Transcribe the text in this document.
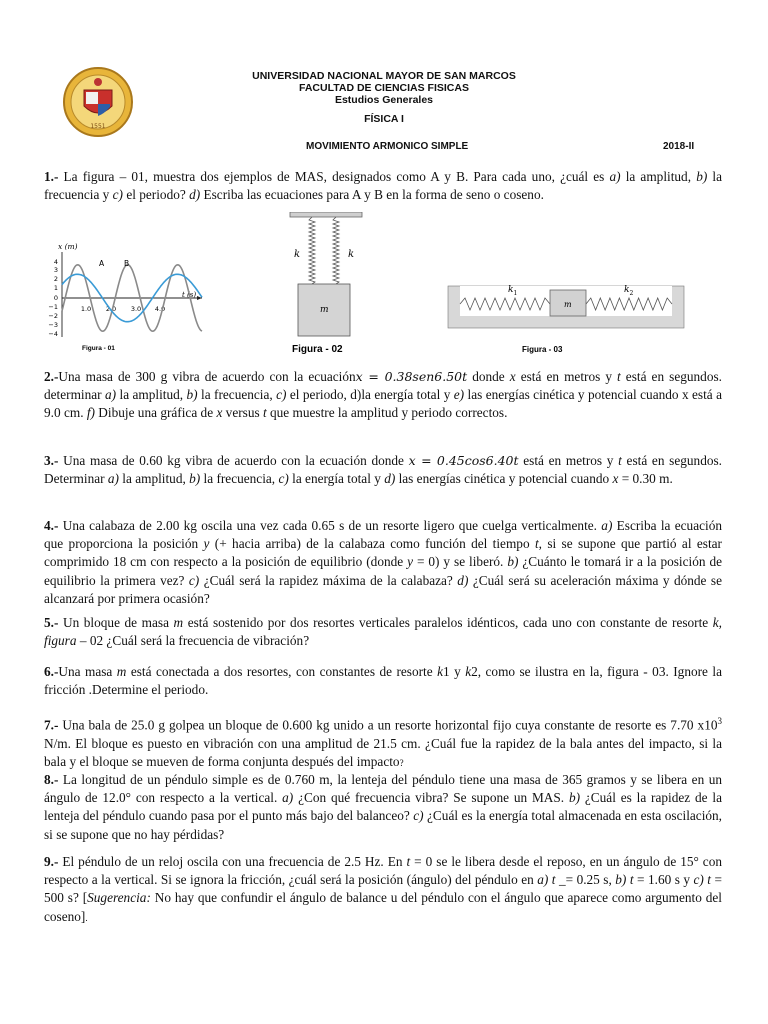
1551
UNIVERSIDAD NACIONAL MAYOR DE SAN MARCOS
FACULTAD DE CIENCIAS FISICAS
Estudios Generales
FÍSICA I
MOVIMIENTO ARMONICO SIMPLE	2018-II
1.- La figura – 01, muestra dos ejemplos de MAS, designados como A y B. Para cada uno, ¿cuál es a) la amplitud, b) la frecuencia y c) el periodo? d) Escriba las ecuaciones para A y B en la forma de seno o coseno.
x (m)
t (s)
4
3
2
1
0
−1
−2
−3
−4
1.0 2.0 3.0 4.0
A	B
Figura - 01
m
k	k
Figura - 02
m
$k_1$	$k_2$
Figura - 03
2.-Una masa de 300 g vibra de acuerdo con la ecuaciónx = 0.38sen6.50t donde x está en metros y t está en segundos. determinar a) la amplitud, b) la frecuencia, c) el periodo, d)la energía total y e) las energías cinética y potencial cuando x está a 9.0 cm. f) Dibuje una gráfica de x versus t que muestre la amplitud y periodo correctos.
3.- Una masa de 0.60 kg vibra de acuerdo con la ecuación donde x = 0.45cos6.40t está en metros y t está en segundos. Determinar a) la amplitud, b) la frecuencia, c) la energía total y d) las energías cinética y potencial cuando x = 0.30 m.
4.- Una calabaza de 2.00 kg oscila una vez cada 0.65 s de un resorte ligero que cuelga verticalmente. a) Escriba la ecuación que proporciona la posición y (+ hacia arriba) de la calabaza como función del tiempo t, si se supone que partió al estar comprimido 18 cm con respecto a la posición de equilibrio (donde y = 0) y se liberó. b) ¿Cuánto le tomará ir a la posición de equilibrio la primera vez? c) ¿Cuál será la rapidez máxima de la calabaza? d) ¿Cuál será su aceleración máxima y dónde se alcanzará por primera ocasión?
5.- Un bloque de masa m está sostenido por dos resortes verticales paralelos idénticos, cada uno con constante de resorte k, figura – 02 ¿Cuál será la frecuencia de vibración?
6.-Una masa m está conectada a dos resortes, con constantes de resorte k1 y k2, como se ilustra en la, figura - 03. Ignore la fricción .Determine el periodo.
7.- Una bala de 25.0 g golpea un bloque de 0.600 kg unido a un resorte horizontal fijo cuya constante de resorte es 7.70 $x10^3$ N/m. El bloque es puesto en vibración con una amplitud de 21.5 cm. ¿Cuál fue la rapidez de la bala antes del impacto, si la bala y el bloque se mueven de forma conjunta después del impacto?
8.- La longitud de un péndulo simple es de 0.760 m, la lenteja del péndulo tiene una masa de 365 gramos y se libera en un ángulo de 12.0° con respecto a la vertical. a) ¿Con qué frecuencia vibra? Se supone un MAS. b) ¿Cuál es la rapidez de la lenteja del péndulo cuando pasa por el punto más bajo del balanceo? c) ¿Cuál es la energía total almacenada en esta oscilación, si se supone que no hay pérdidas?
9.- El péndulo de un reloj oscila con una frecuencia de 2.5 Hz. En t = 0 se le libera desde el reposo, en un ángulo de 15° con respecto a la vertical. Si se ignora la fricción, ¿cuál será la posición (ángulo) del péndulo en a) t _= 0.25 s, b) t = 1.60 s y c) t = 500 s? [Sugerencia: No hay que confundir el ángulo de balance u del péndulo con el ángulo que aparece como argumento del coseno].
